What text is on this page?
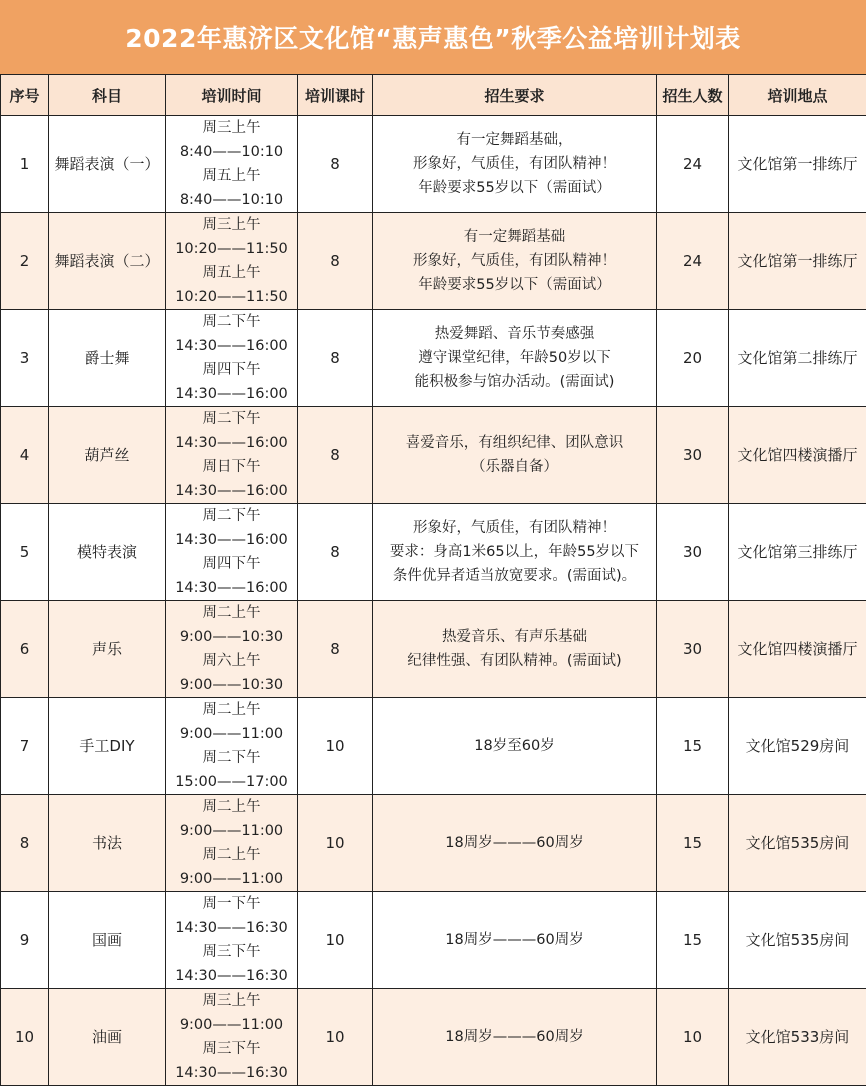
2022年惠济区文化馆“惠声惠色”秋季公益培训计划表
序号	科目	培训时间	培训课时	招生要求	招生人数	培训地点
1	舞蹈表演（一）	周三上午
8:40——10:10
周五上午
8:40——10:10	8	有一定舞蹈基础，
形象好，气质佳，有团队精神！
年龄要求55岁以下（需面试）	24	文化馆第一排练厅
2	舞蹈表演（二）	周三上午
10:20——11:50
周五上午
10:20——11:50	8	有一定舞蹈基础
形象好，气质佳，有团队精神！
年龄要求55岁以下（需面试）	24	文化馆第一排练厅
3	爵士舞	周二下午
14:30——16:00
周四下午
14:30——16:00	8	热爱舞蹈、音乐节奏感强
遵守课堂纪律，年龄50岁以下
能积极参与馆办活动。(需面试)	20	文化馆第二排练厅
4	葫芦丝	周二下午
14:30——16:00
周日下午
14:30——16:00	8	喜爱音乐，有组织纪律、团队意识
（乐器自备）	30	文化馆四楼演播厅
5	模特表演	周二下午
14:30——16:00
周四下午
14:30——16:00	8	形象好，气质佳，有团队精神！
要求：身高1米65以上，年龄55岁以下
条件优异者适当放宽要求。(需面试)。	30	文化馆第三排练厅
6	声乐	周二上午
9:00——10:30
周六上午
9:00——10:30	8	热爱音乐、有声乐基础
纪律性强、有团队精神。(需面试)	30	文化馆四楼演播厅
7	手工DIY	周二上午
9:00——11:00
周二下午
15:00——17:00	10	18岁至60岁	15	文化馆529房间
8	书法	周二上午
9:00——11:00
周二上午
9:00——11:00	10	18周岁———60周岁	15	文化馆535房间
9	国画	周一下午
14:30——16:30
周三下午
14:30——16:30	10	18周岁———60周岁	15	文化馆535房间
10	油画	周三上午
9:00——11:00
周三下午
14:30——16:30	10	18周岁———60周岁	10	文化馆533房间
